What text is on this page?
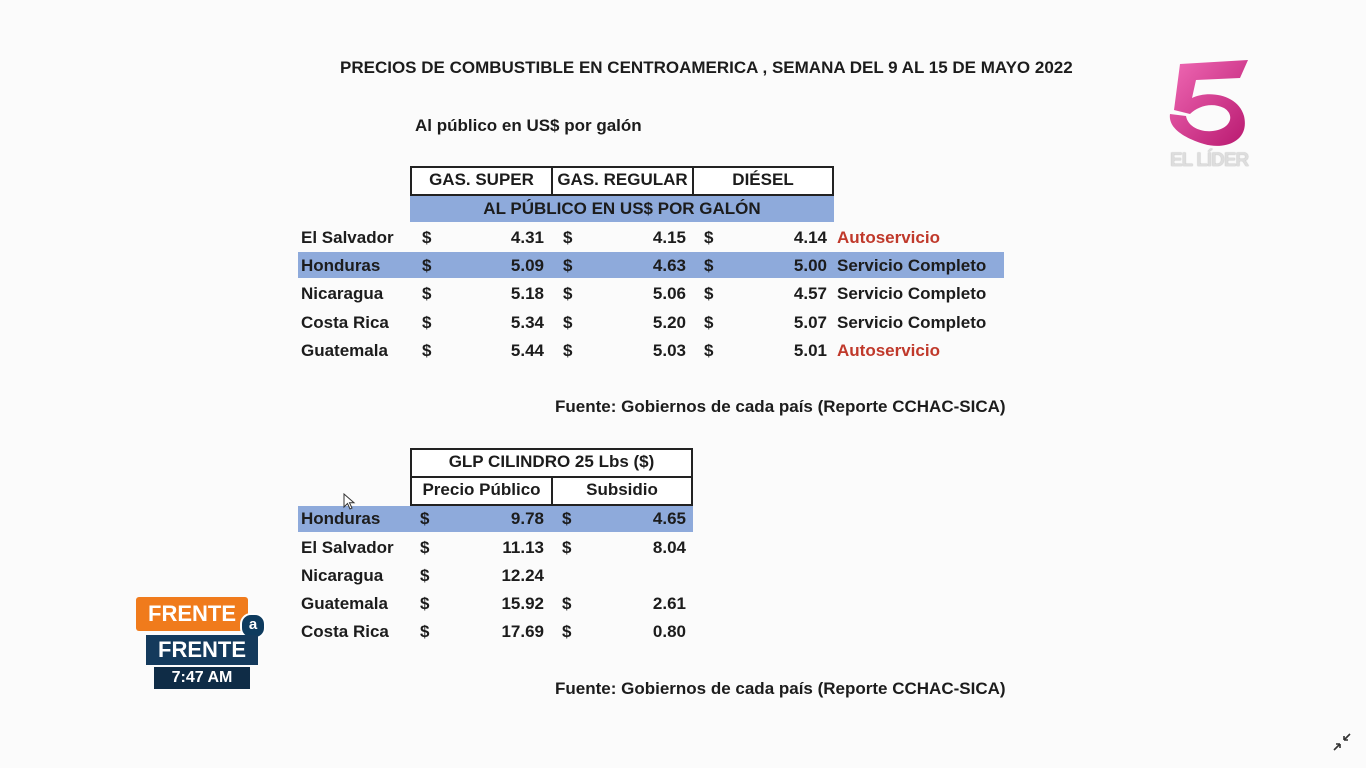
PRECIOS DE COMBUSTIBLE EN CENTROAMERICA , SEMANA DEL 9 AL 15 DE MAYO 2022
Al público en US$ por galón
EL LÍDER
GAS. SUPER	GAS. REGULAR	DIÉSEL
AL PÚBLICO EN US$ POR GALÓN
El Salvador $	4.31 $	4.15 $	4.14 Autoservicio
Honduras $	5.09 $	4.63 $	5.00 Servicio Completo
Nicaragua $	5.18 $	5.06 $	4.57 Servicio Completo
Costa Rica $	5.34 $	5.20 $	5.07 Servicio Completo
Guatemala $	5.44 $	5.03 $	5.01 Autoservicio
Fuente: Gobiernos de cada país (Reporte CCHAC-SICA)
GLP CILINDRO 25 Lbs ($)
Precio Público	Subsidio
Honduras $	9.78 $	4.65
El Salvador $	11.13 $	8.04
Nicaragua $	12.24
Guatemala $	15.92 $	2.61
Costa Rica $	17.69 $	0.80
Fuente: Gobiernos de cada país (Reporte CCHAC-SICA)
FRENTE a
FRENTE
7:47 AM
